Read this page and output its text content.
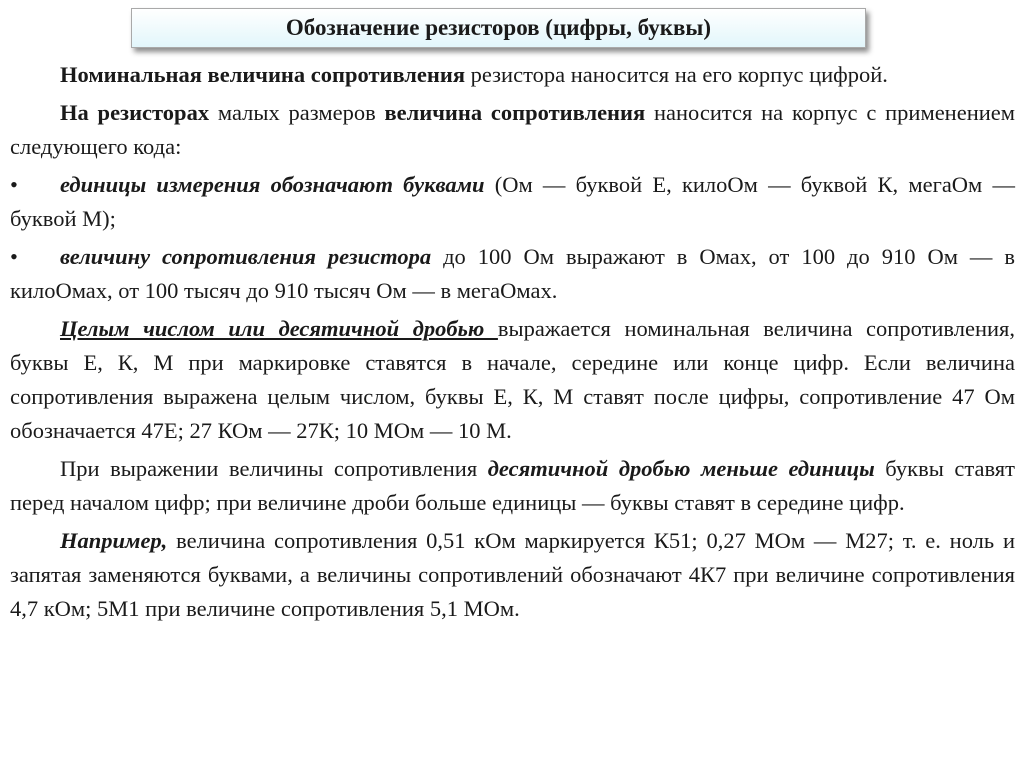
Обозначение резисторов (цифры, буквы)

Номинальная величина сопротивления резистора наносится на его корпус цифрой.

На резисторах малых размеров величина сопротивления наносится на корпус с применением следующего кода:

• единицы измерения обозначают буквами (Ом — буквой Е, килоОм — буквой К, мегаОм — буквой М);

• величину сопротивления резистора до 100 Ом выражают в Омах, от 100 до 910 Ом — в килоОмах, от 100 тысяч до 910 тысяч Ом — в мегаОмах.

Целым числом или десятичной дробью выражается номинальная величина сопротивления, буквы Е, К, М при маркировке ставятся в начале, середине или конце цифр. Если величина сопротивления выражена целым числом, буквы Е, К, М ставят после цифры, сопротивление 47 Ом обозначается 47Е; 27 КОм — 27К; 10 МОм — 10 М.

При выражении величины сопротивления десятичной дробью меньше единицы буквы ставят перед началом цифр; при величине дроби больше единицы — буквы ставят в середине цифр.

Например, величина сопротивления 0,51 кОм маркируется К51; 0,27 МОм — М27; т. е. ноль и запятая заменяются буквами, а величины сопротивлений обозначают 4К7 при величине сопротивления 4,7 кОм; 5М1 при величине сопротивления 5,1 МОм.
